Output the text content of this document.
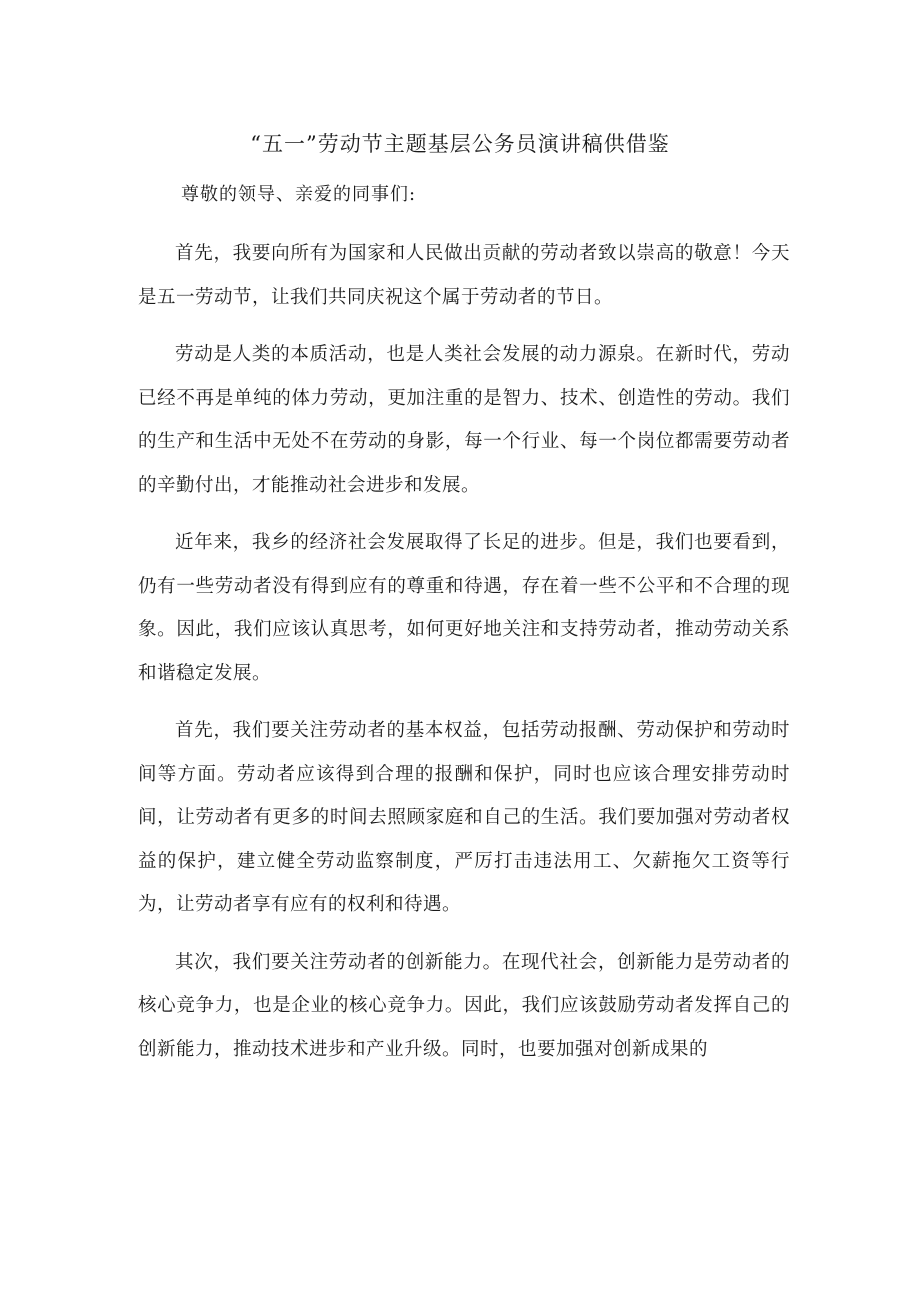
“五一”劳动节主题基层公务员演讲稿供借鉴
尊敬的领导、亲爱的同事们:

首先，我要向所有为国家和人民做出贡献的劳动者致以崇高的敬意！今天是五一劳动节，让我们共同庆祝这个属于劳动者的节日。

劳动是人类的本质活动，也是人类社会发展的动力源泉。在新时代，劳动已经不再是单纯的体力劳动，更加注重的是智力、技术、创造性的劳动。我们的生产和生活中无处不在劳动的身影，每一个行业、每一个岗位都需要劳动者的辛勤付出，才能推动社会进步和发展。

近年来，我乡的经济社会发展取得了长足的进步。但是，我们也要看到，仍有一些劳动者没有得到应有的尊重和待遇，存在着一些不公平和不合理的现象。因此，我们应该认真思考，如何更好地关注和支持劳动者，推动劳动关系和谐稳定发展。

首先，我们要关注劳动者的基本权益，包括劳动报酬、劳动保护和劳动时间等方面。劳动者应该得到合理的报酬和保护，同时也应该合理安排劳动时间，让劳动者有更多的时间去照顾家庭和自己的生活。我们要加强对劳动者权益的保护，建立健全劳动监察制度，严厉打击违法用工、欠薪拖欠工资等行为，让劳动者享有应有的权利和待遇。

其次，我们要关注劳动者的创新能力。在现代社会，创新能力是劳动者的核心竞争力，也是企业的核心竞争力。因此，我们应该鼓励劳动者发挥自己的创新能力，推动技术进步和产业升级。同时，也要加强对创新成果的
